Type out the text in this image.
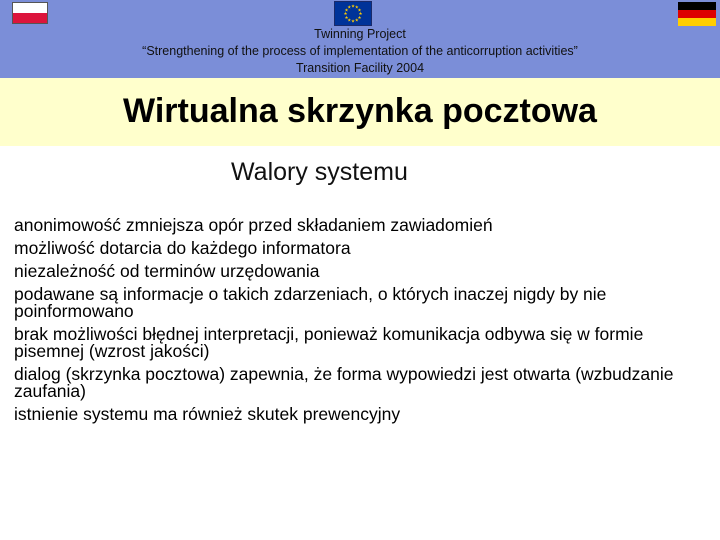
★
★
★
★
★
★
★
★
★ ★ ★
★
Twinning Project
“Strengthening of the process of implementation of the anticorruption activities”
Transition Facility 2004
Wirtualna skrzynka pocztowa
Walory systemu
anonimowość zmniejsza opór przed składaniem zawiadomień
możliwość dotarcia do każdego informatora
niezależność od terminów urzędowania
podawane są informacje o takich zdarzeniach, o których inaczej nigdy by nie poinformowano
brak możliwości błędnej interpretacji, ponieważ komunikacja odbywa się w formie pisemnej (wzrost jakości)
dialog (skrzynka pocztowa) zapewnia, że forma wypowiedzi jest otwarta (wzbudzanie zaufania)
istnienie systemu ma również skutek prewencyjny
